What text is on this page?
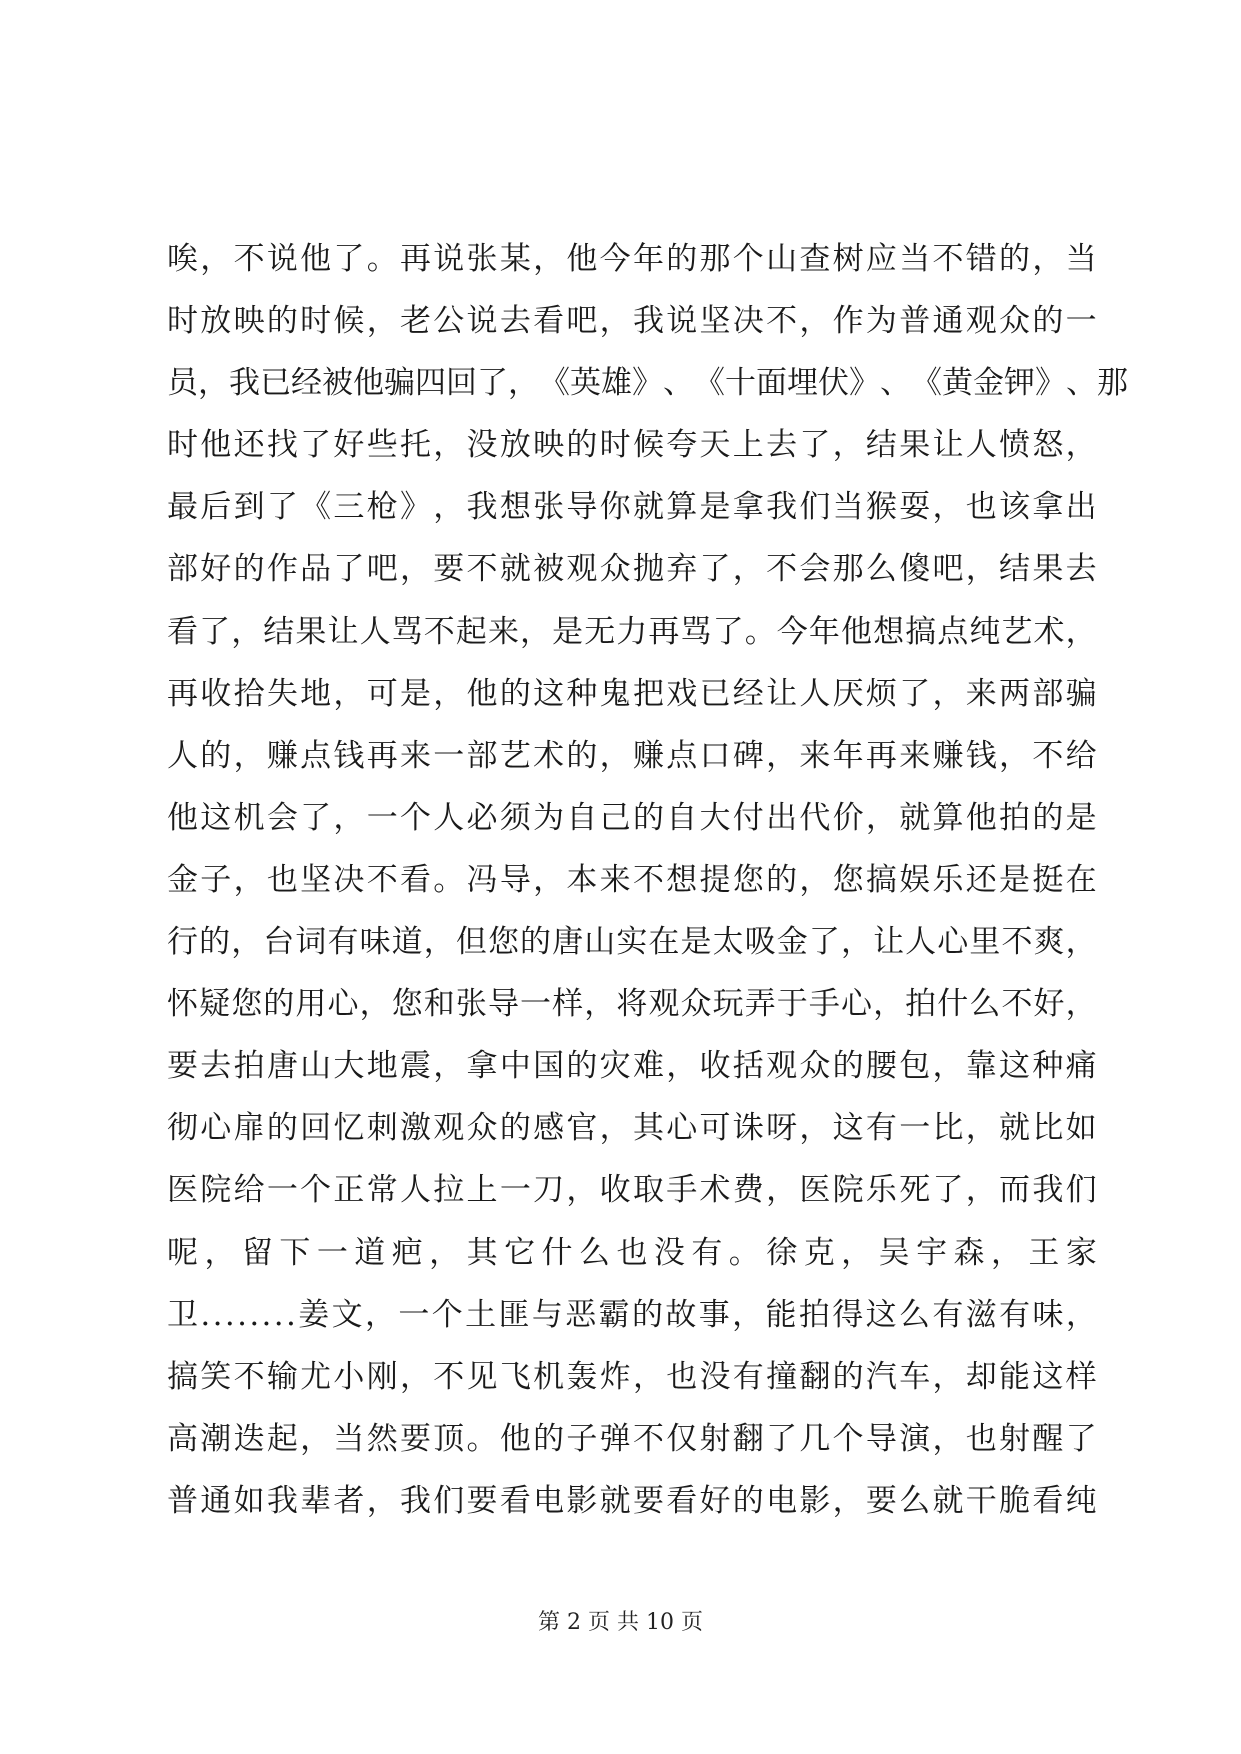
唉 ， 不 说 他 了 。 再 说 张 某 ， 他 今 年 的 那 个 山 查 树 应 当 不 错 的 ， 当
时 放 映 的 时 候 ， 老 公 说 去 看 吧 ， 我 说 坚 决 不 ， 作 为 普 通 观 众 的 一
员 ， 我 已 经 被 他 骗 四 回 了 ， 《 英 雄 》 、 《 十 面 埋 伏 》 、 《 黄 金 钾 》 、 那
时 他 还 找 了 好 些 托 ， 没 放 映 的 时 候 夸 天 上 去 了 ， 结 果 让 人 愤 怒 ，
最 后 到 了 《 三 枪 》 ， 我 想 张 导 你 就 算 是 拿 我 们 当 猴 耍 ， 也 该 拿 出
部 好 的 作 品 了 吧 ， 要 不 就 被 观 众 抛 弃 了 ， 不 会 那 么 傻 吧 ， 结 果 去
看 了 ， 结 果 让 人 骂 不 起 来 ， 是 无 力 再 骂 了 。 今 年 他 想 搞 点 纯 艺 术 ，
再 收 拾 失 地 ， 可 是 ， 他 的 这 种 鬼 把 戏 已 经 让 人 厌 烦 了 ， 来 两 部 骗
人 的 ， 赚 点 钱 再 来 一 部 艺 术 的 ， 赚 点 口 碑 ， 来 年 再 来 赚 钱 ， 不 给
他 这 机 会 了 ， 一 个 人 必 须 为 自 己 的 自 大 付 出 代 价 ， 就 算 他 拍 的 是
金 子 ， 也 坚 决 不 看 。 冯 导 ， 本 来 不 想 提 您 的 ， 您 搞 娱 乐 还 是 挺 在
行 的 ， 台 词 有 味 道 ， 但 您 的 唐 山 实 在 是 太 吸 金 了 ， 让 人 心 里 不 爽 ，
怀 疑 您 的 用 心 ， 您 和 张 导 一 样 ， 将 观 众 玩 弄 于 手 心 ， 拍 什 么 不 好 ，
要 去 拍 唐 山 大 地 震 ， 拿 中 国 的 灾 难 ， 收 括 观 众 的 腰 包 ， 靠 这 种 痛
彻 心 扉 的 回 忆 刺 激 观 众 的 感 官 ， 其 心 可 诛 呀 ， 这 有 一 比 ， 就 比 如
医 院 给 一 个 正 常 人 拉 上 一 刀 ， 收 取 手 术 费 ， 医 院 乐 死 了 ， 而 我 们
呢 ， 留 下 一 道 疤 ， 其 它 什 么 也 没 有 。 徐 克 ， 吴 宇 森 ， 王 家
卫 . . . . . . . . 姜 文 ， 一 个 土 匪 与 恶 霸 的 故 事 ， 能 拍 得 这 么 有 滋 有 味 ，
搞 笑 不 输 尤 小 刚 ， 不 见 飞 机 轰 炸 ， 也 没 有 撞 翻 的 汽 车 ， 却 能 这 样
高 潮 迭 起 ， 当 然 要 顶 。 他 的 子 弹 不 仅 射 翻 了 几 个 导 演 ， 也 射 醒 了
普 通 如 我 辈 者 ， 我 们 要 看 电 影 就 要 看 好 的 电 影 ， 要 么 就 干 脆 看 纯
第 2 页 共 10 页
